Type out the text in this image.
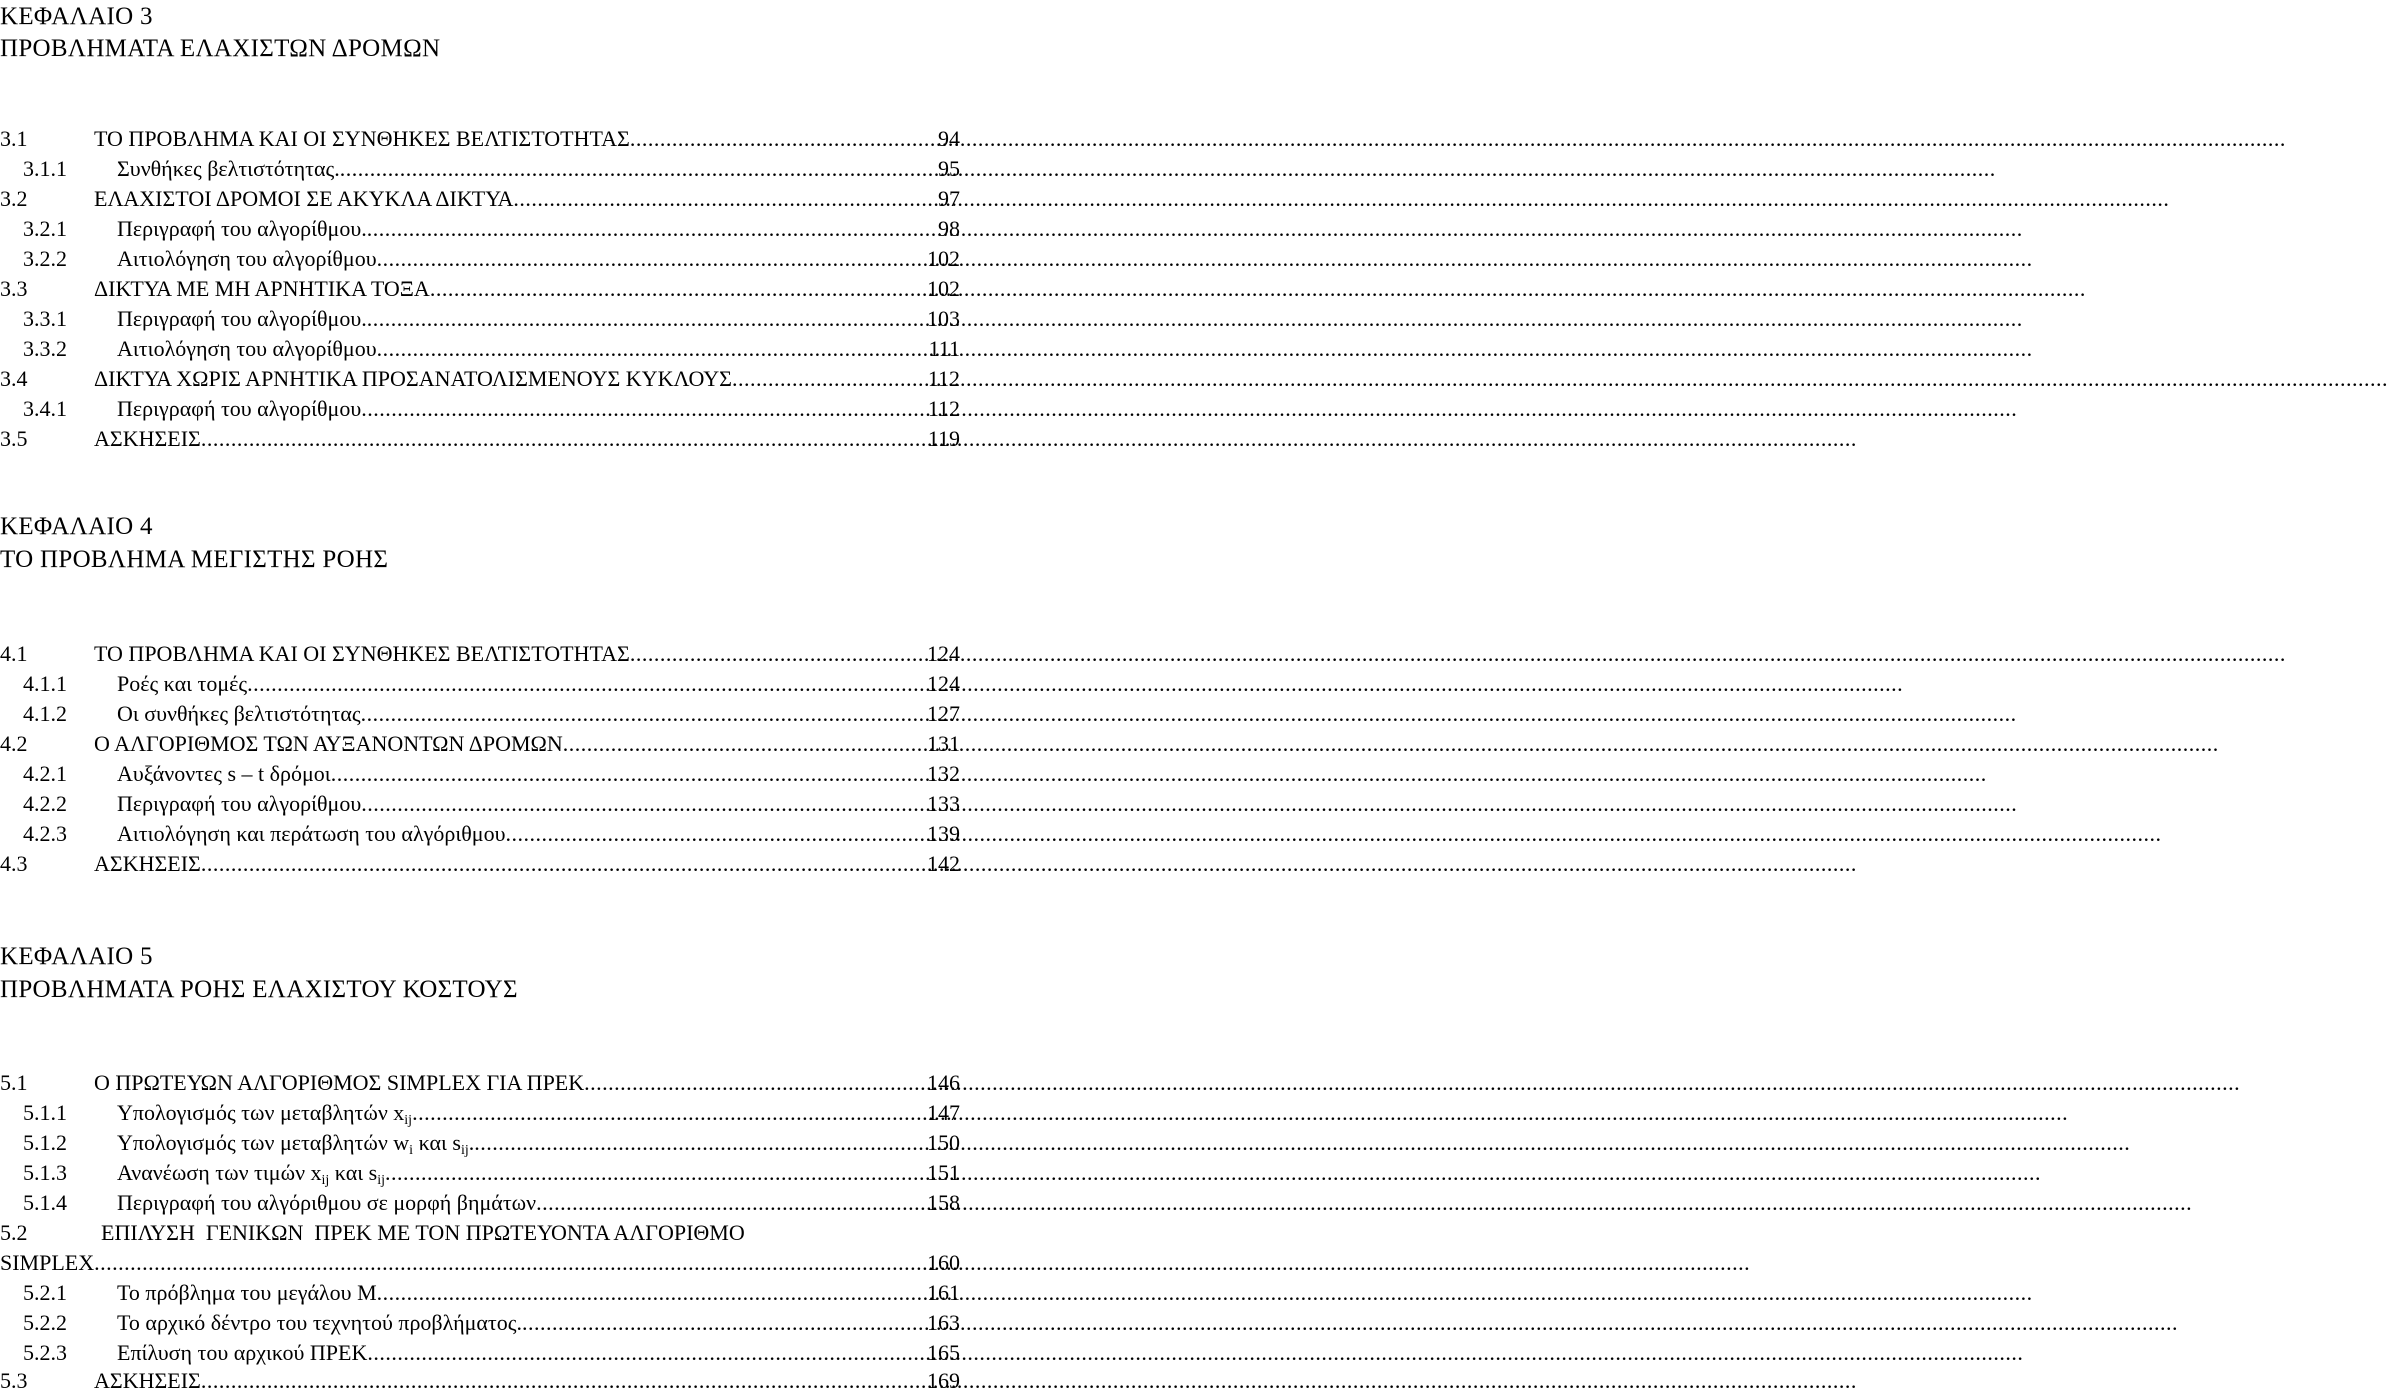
ΚΕΦΑΛΑΙΟ 3
ΠΡΟΒΛΗΜΑΤΑ ΕΛΑΧΙΣΤΩΝ ΔΡΟΜΩΝ
3.1	ΤΟ ΠΡΟΒΛΗΜΑ ΚΑΙ ΟΙ ΣΥΝΘΗΚΕΣ ΒΕΛΤΙΣΤΟΤΗΤΑΣ .....	94
3.1.1	Συνθήκες βελτιστότητας. .....	95
3.2	ΕΛΑΧΙΣΤΟΙ ΔΡΟΜΟΙ ΣΕ ΑΚΥΚΛΑ ΔΙΚΤΥΑ .....	97
3.2.1	Περιγραφή του αλγορίθμου. .....	98
3.2.2	Αιτιολόγηση του αλγορίθμου .....	102
3.3	ΔΙΚΤΥΑ ΜΕ ΜΗ ΑΡΝΗΤΙΚΑ ΤΟΞΑ .....	102
3.3.1	Περιγραφή του αλγορίθμου. .....	103
3.3.2	Αιτιολόγηση του αλγορίθμου .....	111
3.4	ΔΙΚΤΥΑ ΧΩΡΙΣ ΑΡΝΗΤΙΚΑ ΠΡΟΣΑΝΑΤΟΛΙΣΜΕΝΟΥΣ ΚΥΚΛΟΥΣ .....	112
3.4.1	Περιγραφή του αλγορίθμου .....	112
3.5	ΑΣΚΗΣΕΙΣ .....	119
ΚΕΦΑΛΑΙΟ 4
ΤΟ ΠΡΟΒΛΗΜΑ ΜΕΓΙΣΤΗΣ ΡΟΗΣ
4.1	ΤΟ ΠΡΟΒΛΗΜΑ ΚΑΙ ΟΙ ΣΥΝΘΗΚΕΣ ΒΕΛΤΙΣΤΟΤΗΤΑΣ .....	124
4.1.1	Ροές και τομές .....	124
4.1.2	Οι συνθήκες βελτιστότητας .....	127
4.2	Ο ΑΛΓΟΡΙΘΜΟΣ ΤΩΝ ΑΥΞΑΝΟΝΤΩΝ ΔΡΟΜΩΝ .....	131
4.2.1	Αυξάνοντες s – t δρόμοι .....	132
4.2.2	Περιγραφή του αλγορίθμου .....	133
4.2.3	Αιτιολόγηση και περάτωση του αλγόριθμου .....	139
4.3	ΑΣΚΗΣΕΙΣ .....	142
ΚΕΦΑΛΑΙΟ 5
ΠΡΟΒΛΗΜΑΤΑ ΡΟΗΣ ΕΛΑΧΙΣΤΟΥ ΚΟΣΤΟΥΣ
5.1	Ο ΠΡΩΤΕΥΩΝ ΑΛΓΟΡΙΘΜΟΣ SIMPLEX ΓΙΑ ΠΡΕΚ .....	146
5.1.1	Υπολογισμός των μεταβλητών $x_{ij}$ .....	147
5.1.2	Υπολογισμός των μεταβλητών $w_i$ και $s_{ij}$. .....	150
5.1.3	Ανανέωση των τιμών $x_{ij}$ και $s_{ij}$ .....	151
5.1.4	Περιγραφή του αλγόριθμου σε μορφή βημάτων .....	158
5.2	ΕΠΙΛΥΣΗ  ΓΕΝΙΚΩΝ  ΠΡΕΚ ΜΕ ΤΟΝ ΠΡΩΤΕΥΟΝΤΑ ΑΛΓΟΡΙΘΜΟ
SIMPLEX .....	160
5.2.1	Το πρόβλημα του μεγάλου Μ .....	161
5.2.2	Το αρχικό δέντρο του τεχνητού προβλήματος. .....	163
5.2.3	Επίλυση του αρχικού ΠΡΕΚ .....	165
5.3	ΑΣΚΗΣΕΙΣ .....	169
